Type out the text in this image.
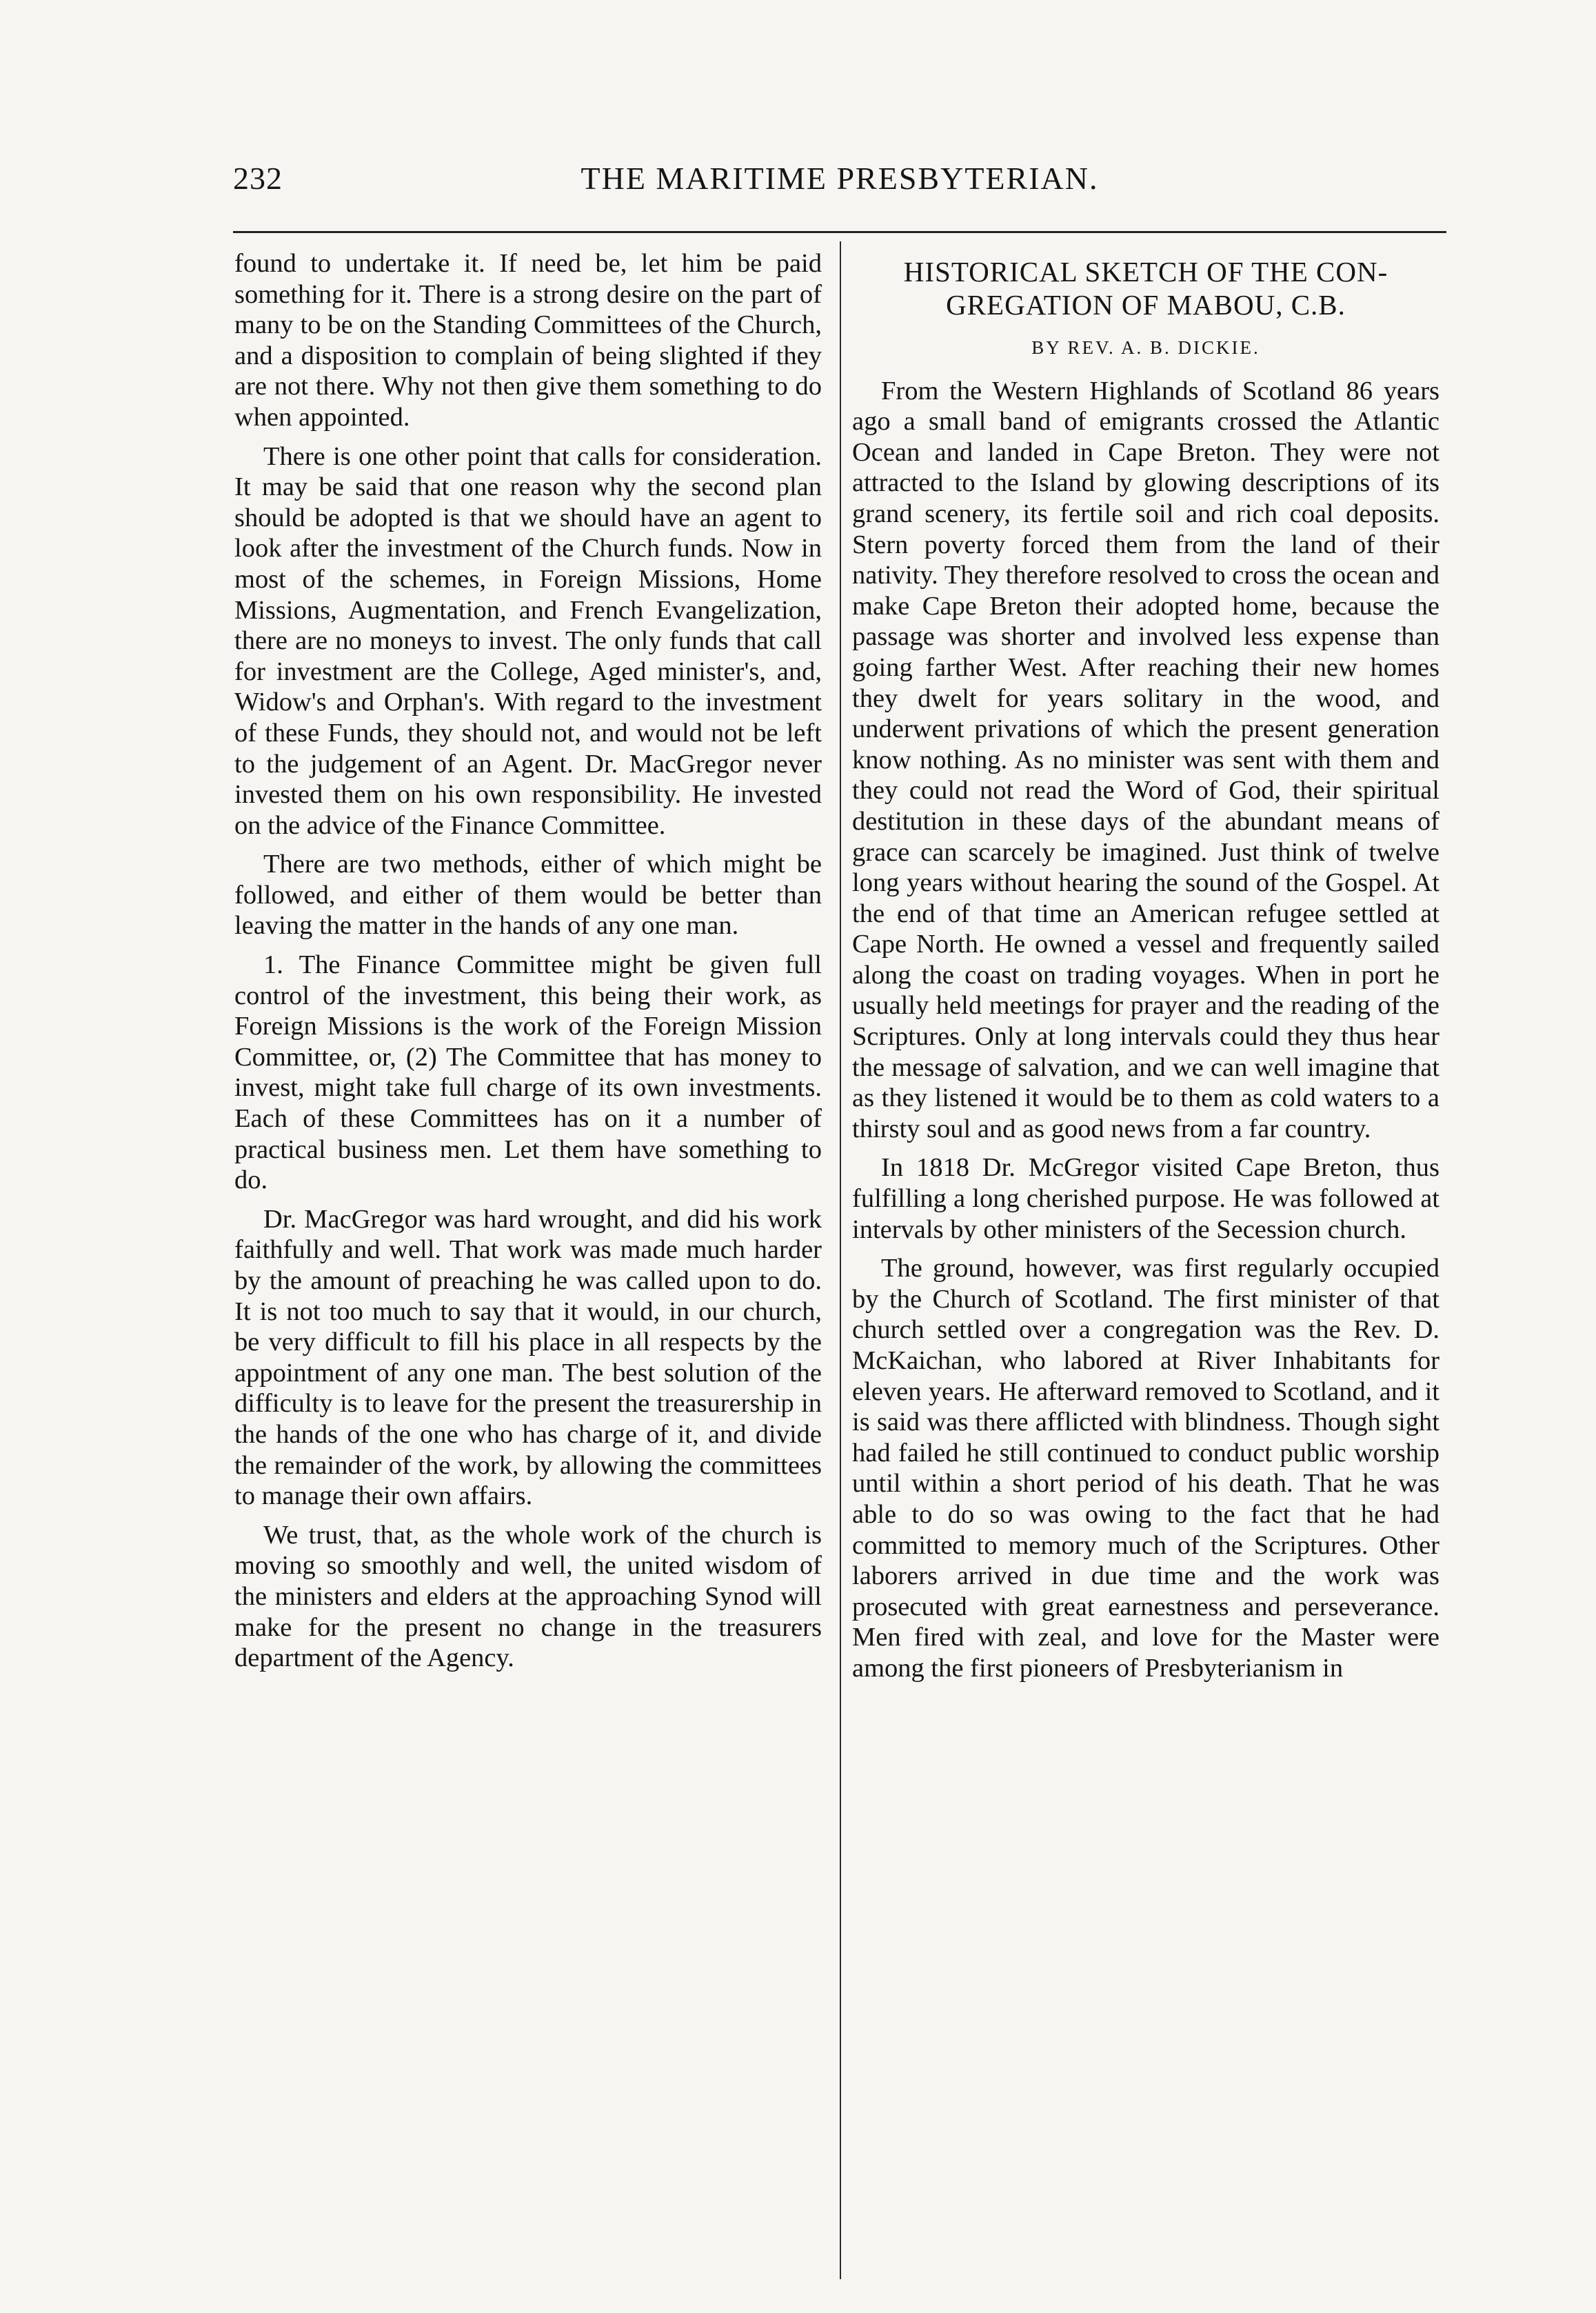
232	THE MARITIME PRESBYTERIAN.

found to undertake it. If need be, let him be paid something for it. There is a strong desire on the part of many to be on the Standing Committees of the Church, and a disposition to complain of being slighted if they are not there. Why not then give them something to do when appointed.

There is one other point that calls for consideration. It may be said that one reason why the second plan should be adopted is that we should have an agent to look after the investment of the Church funds. Now in most of the schemes, in Foreign Missions, Home Missions, Augmentation, and French Evangelization, there are no moneys to invest. The only funds that call for investment are the College, Aged minister's, and, Widow's and Orphan's. With regard to the investment of these Funds, they should not, and would not be left to the judgement of an Agent. Dr. MacGregor never invested them on his own responsibility. He invested on the advice of the Finance Committee.

There are two methods, either of which might be followed, and either of them would be better than leaving the matter in the hands of any one man.

1. The Finance Committee might be given full control of the investment, this being their work, as Foreign Missions is the work of the Foreign Mission Committee, or, (2) The Committee that has money to invest, might take full charge of its own investments. Each of these Committees has on it a number of practical business men. Let them have something to do.

Dr. MacGregor was hard wrought, and did his work faithfully and well. That work was made much harder by the amount of preaching he was called upon to do. It is not too much to say that it would, in our church, be very difficult to fill his place in all respects by the appointment of any one man. The best solution of the difficulty is to leave for the present the treasurership in the hands of the one who has charge of it, and divide the remainder of the work, by allowing the committees to manage their own affairs.

We trust, that, as the whole work of the church is moving so smoothly and well, the united wisdom of the ministers and elders at the approaching Synod will make for the present no change in the treasurers department of the Agency.

HISTORICAL SKETCH OF THE CON-
GREGATION OF MABOU, C.B.
BY REV. A. B. DICKIE.

From the Western Highlands of Scotland 86 years ago a small band of emigrants crossed the Atlantic Ocean and landed in Cape Breton. They were not attracted to the Island by glowing descriptions of its grand scenery, its fertile soil and rich coal deposits. Stern poverty forced them from the land of their nativity. They therefore resolved to cross the ocean and make Cape Breton their adopted home, because the passage was shorter and involved less expense than going farther West. After reaching their new homes they dwelt for years solitary in the wood, and underwent privations of which the present generation know nothing. As no minister was sent with them and they could not read the Word of God, their spiritual destitution in these days of the abundant means of grace can scarcely be imagined. Just think of twelve long years without hearing the sound of the Gospel. At the end of that time an American refugee settled at Cape North. He owned a vessel and frequently sailed along the coast on trading voyages. When in port he usually held meetings for prayer and the reading of the Scriptures. Only at long intervals could they thus hear the message of salvation, and we can well imagine that as they listened it would be to them as cold waters to a thirsty soul and as good news from a far country.

In 1818 Dr. McGregor visited Cape Breton, thus fulfilling a long cherished purpose. He was followed at intervals by other ministers of the Secession church.

The ground, however, was first regularly occupied by the Church of Scotland. The first minister of that church settled over a congregation was the Rev. D. McKaichan, who labored at River Inhabitants for eleven years. He afterward removed to Scotland, and it is said was there afflicted with blindness. Though sight had failed he still continued to conduct public worship until within a short period of his death. That he was able to do so was owing to the fact that he had committed to memory much of the Scriptures. Other laborers arrived in due time and the work was prosecuted with great earnestness and perseverance. Men fired with zeal, and love for the Master were among the first pioneers of Presbyterianism in
